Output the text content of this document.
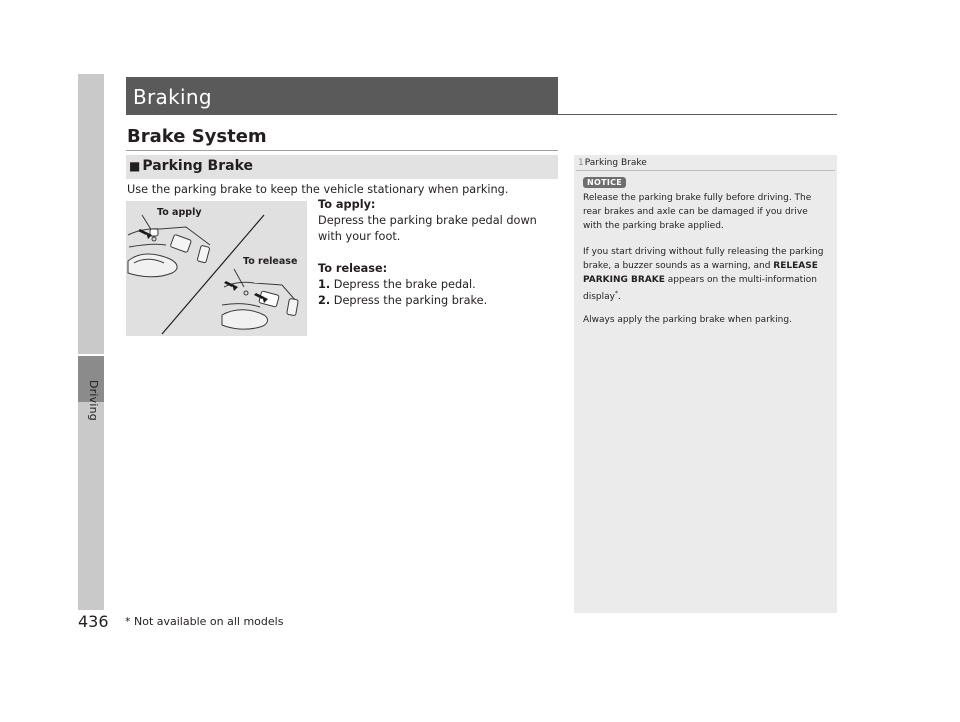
Driving
Braking
Brake System
■ Parking Brake
Use the parking brake to keep the vehicle stationary when parking.
To apply
To release

To apply:

Depress the parking brake pedal down with your foot.

To release:

1. Depress the brake pedal.

2. Depress the parking brake.

1Parking Brake
NOTICE
Release the parking brake fully before driving. The rear brakes and axle can be damaged if you drive with the parking brake applied.
If you start driving without fully releasing the parking brake, a buzzer sounds as a warning, and RELEASE PARKING BRAKE appears on the multi-information display*.
Always apply the parking brake when parking.
436 * Not available on all models
